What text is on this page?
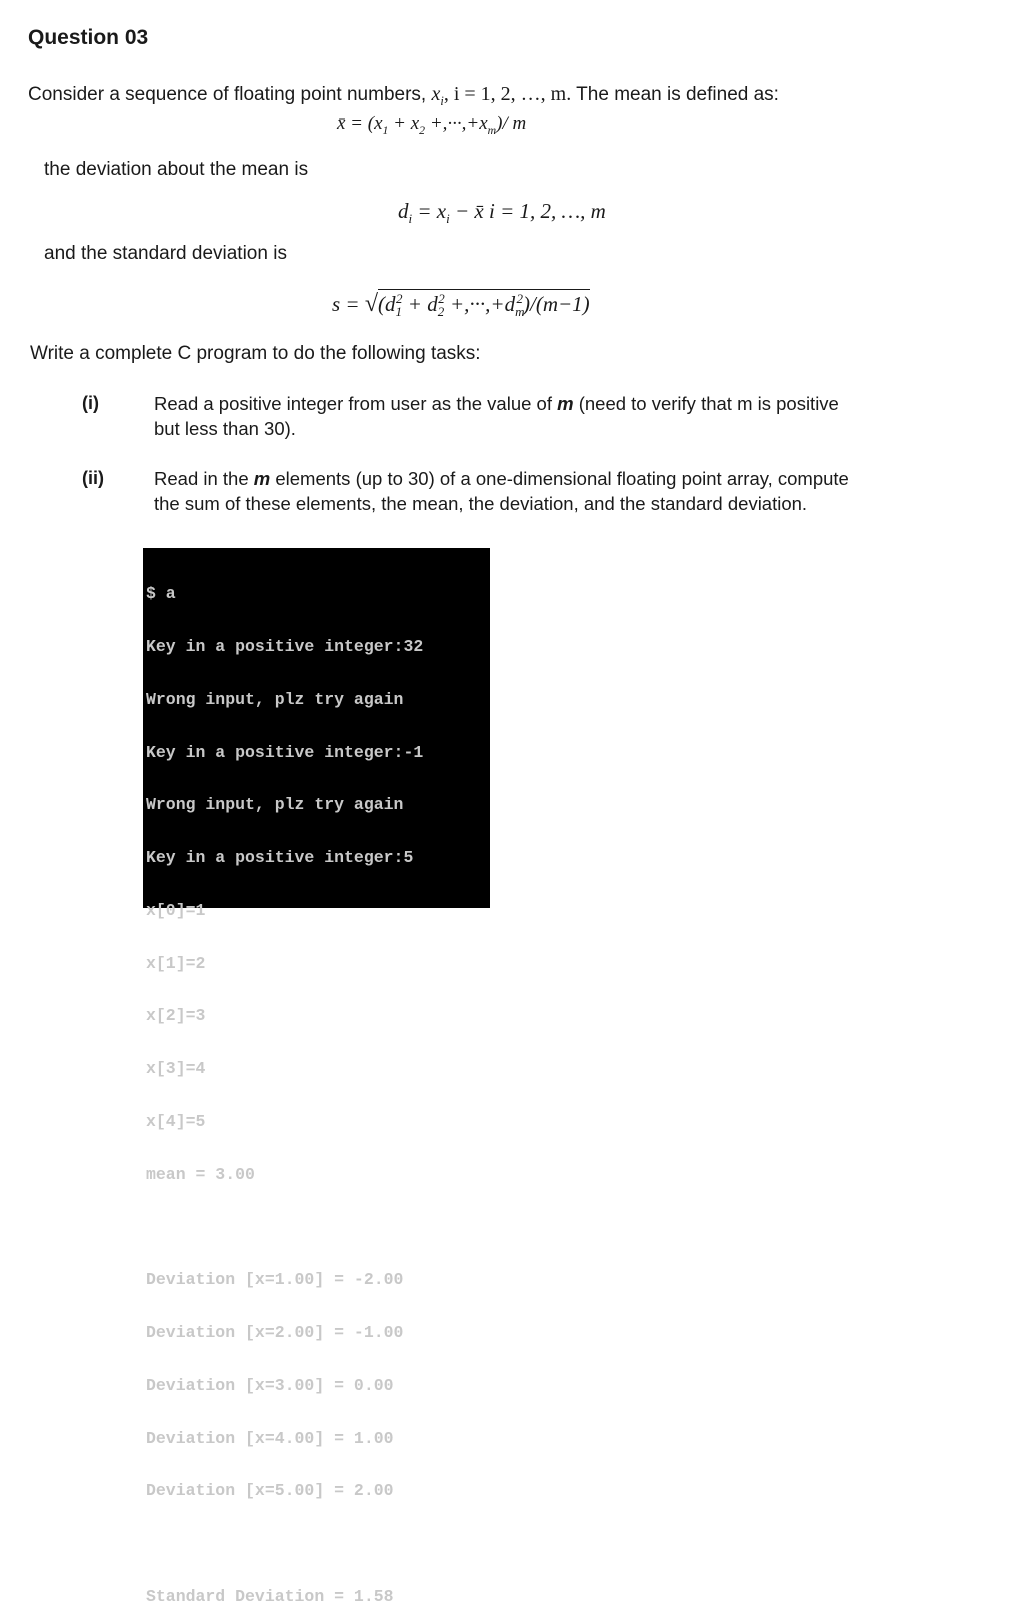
Question 03
Consider a sequence of floating point numbers, $x_i$, i = 1, 2, …, m. The mean is defined as:
x̄ = $(x_1 + x_2 +,\cdot\cdot\cdot,+x_m)/$ m
the deviation about the mean is
$d_i = x_i$ − x̄ i = 1, 2, …, m
and the standard deviation is
$s = √(d_1^2 + d_2^2 +,\cdot\cdot\cdot,+d_m^2)/(m-1)$
Write a complete C program to do the following tasks:
(i)	Read a positive integer from user as the value of m (need to verify that m is positive
but less than 30).
(ii)	Read in the m elements (up to 30) of a one-dimensional floating point array, compute
the sum of these elements, the mean, the deviation, and the standard deviation.

$ a

Key in a positive integer:32

Wrong input, plz try again

Key in a positive integer:-1

Wrong input, plz try again

Key in a positive integer:5

x[0]=1

x[1]=2

x[2]=3

x[3]=4

x[4]=5

mean = 3.00

Deviation [x=1.00] = -2.00

Deviation [x=2.00] = -1.00

Deviation [x=3.00] = 0.00

Deviation [x=4.00] = 1.00

Deviation [x=5.00] = 2.00

Standard Deviation = 1.58
